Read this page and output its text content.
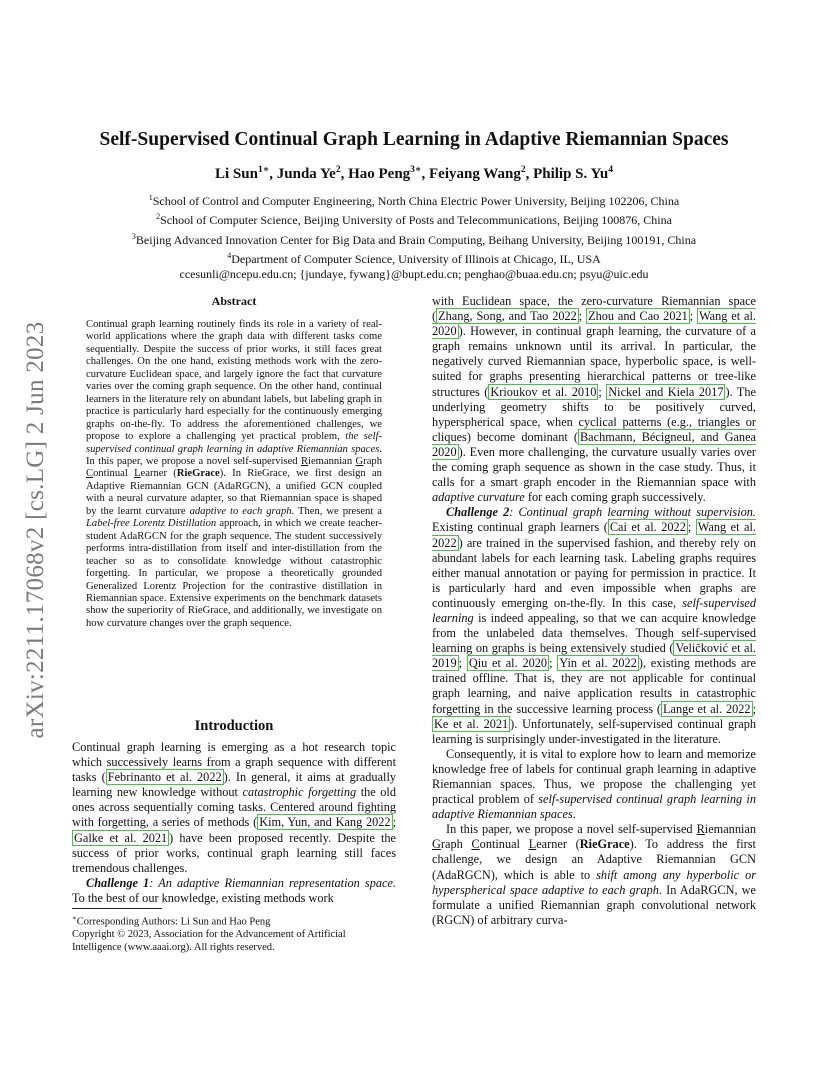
arXiv:2211.17068v2 [cs.LG] 2 Jun 2023
Self-Supervised Continual Graph Learning in Adaptive Riemannian Spaces
Li Sun$^{1∗}$, Junda Ye$^2$, Hao Peng$^{3∗}$, Feiyang Wang$^2$, Philip S. Yu$^4$
$^1$School of Control and Computer Engineering, North China Electric Power University, Beijing 102206, China
$^2$School of Computer Science, Beijing University of Posts and Telecommunications, Beijing 100876, China
$^3$Beijing Advanced Innovation Center for Big Data and Brain Computing, Beihang University, Beijing 100191, China
$^4$Department of Computer Science, University of Illinois at Chicago, IL, USA
ccesunli@ncepu.edu.cn; {jundaye, fywang}@bupt.edu.cn; penghao@buaa.edu.cn; psyu@uic.edu
Abstract

Continual graph learning routinely finds its role in a variety of real-world applications where the graph data with different tasks come sequentially. Despite the success of prior works, it still faces great challenges. On the one hand, existing methods work with the zero-curvature Euclidean space, and largely ignore the fact that curvature varies over the coming graph sequence. On the other hand, continual learners in the literature rely on abundant labels, but labeling graph in practice is particularly hard especially for the continuously emerging graphs on-the-fly. To address the aforementioned challenges, we propose to explore a challenging yet practical problem, the self-supervised continual graph learning in adaptive Riemannian spaces. In this paper, we propose a novel self-supervised Riemannian Graph Continual Learner (RieGrace). In RieGrace, we first design an Adaptive Riemannian GCN (AdaRGCN), a unified GCN coupled with a neural curvature adapter, so that Riemannian space is shaped by the learnt curvature adaptive to each graph. Then, we present a Label-free Lorentz Distillation approach, in which we create teacher-student AdaRGCN for the graph sequence. The student successively performs intra-distillation from itself and inter-distillation from the teacher so as to consolidate knowledge without catastrophic forgetting. In particular, we propose a theoretically grounded Generalized Lorentz Projection for the contrastive distillation in Riemannian space. Extensive experiments on the benchmark datasets show the superiority of RieGrace, and additionally, we investigate on how curvature changes over the graph sequence.

Introduction

Continual graph learning is emerging as a hot research topic which successively learns from a graph sequence with different tasks ( Febrinanto et al. 2022 ). In general, it aims at gradually learning new knowledge without catastrophic forgetting the old ones across sequentially coming tasks. Centered around fighting with forgetting, a series of methods ( Kim, Yun, and Kang 2022 ; Galke et al. 2021 ) have been proposed recently. Despite the success of prior works, continual graph learning still faces tremendous challenges.

Challenge 1: An adaptive Riemannian representation space. To the best of our knowledge, existing methods work

∗Corresponding Authors: Li Sun and Hao Peng

Copyright © 2023, Association for the Advancement of Artificial Intelligence (www.aaai.org). All rights reserved.

with Euclidean space, the zero-curvature Riemannian space ( Zhang, Song, and Tao 2022 ; Zhou and Cao 2021 ; Wang et al. 2020 ). However, in continual graph learning, the curvature of a graph remains unknown until its arrival. In particular, the negatively curved Riemannian space, hyperbolic space, is well-suited for graphs presenting hierarchical patterns or tree-like structures ( Krioukov et al. 2010 ; Nickel and Kiela 2017 ). The underlying geometry shifts to be positively curved, hyperspherical space, when cyclical patterns (e.g., triangles or cliques) become dominant ( Bachmann, Bécigneul, and Ganea 2020 ). Even more challenging, the curvature usually varies over the coming graph sequence as shown in the case study. Thus, it calls for a smart graph encoder in the Riemannian space with adaptive curvature for each coming graph successively.

Challenge 2: Continual graph learning without supervision. Existing continual graph learners ( Cai et al. 2022 ; Wang et al. 2022 ) are trained in the supervised fashion, and thereby rely on abundant labels for each learning task. Labeling graphs requires either manual annotation or paying for permission in practice. It is particularly hard and even impossible when graphs are continuously emerging on-the-fly. In this case, self-supervised learning is indeed appealing, so that we can acquire knowledge from the unlabeled data themselves. Though self-supervised learning on graphs is being extensively studied ( Veličković et al. 2019 ; Qiu et al. 2020 ; Yin et al. 2022 ), existing methods are trained offline. That is, they are not applicable for continual graph learning, and naive application results in catastrophic forgetting in the successive learning process ( Lange et al. 2022 ; Ke et al. 2021 ). Unfortunately, self-supervised continual graph learning is surprisingly under-investigated in the literature.

Consequently, it is vital to explore how to learn and memorize knowledge free of labels for continual graph learning in adaptive Riemannian spaces. Thus, we propose the challenging yet practical problem of self-supervised continual graph learning in adaptive Riemannian spaces.

In this paper, we propose a novel self-supervised Riemannian Graph Continual Learner (RieGrace). To address the first challenge, we design an Adaptive Riemannian GCN (AdaRGCN), which is able to shift among any hyperbolic or hyperspherical space adaptive to each graph. In AdaRGCN, we formulate a unified Riemannian graph convolutional network (RGCN) of arbitrary curva-
